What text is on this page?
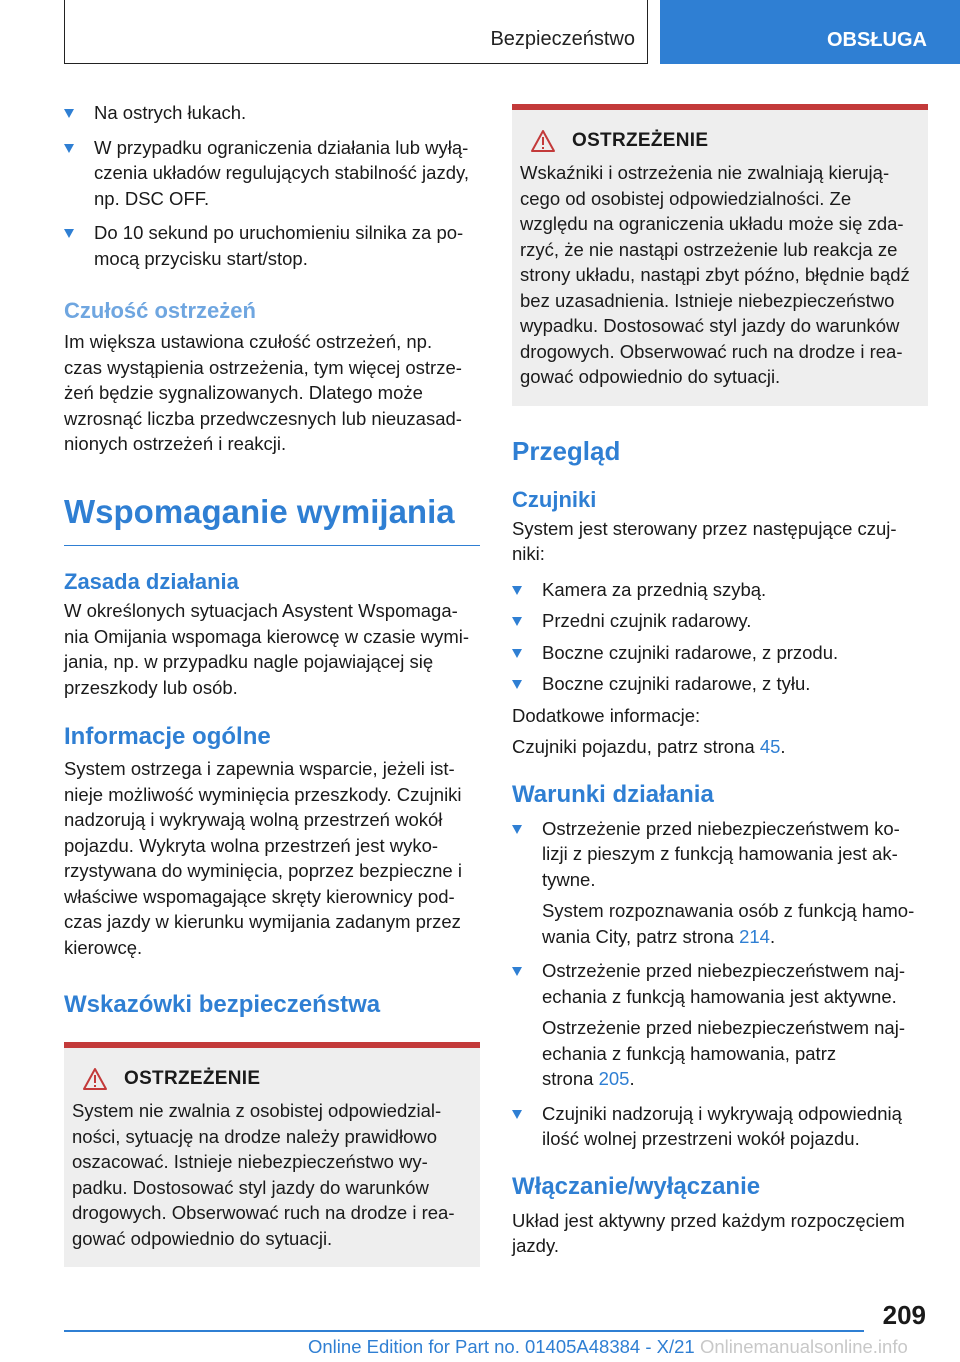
Bezpieczeństwo	OBSŁUGA
Na ostrych łukach.
W przypadku ograniczenia działania lub wyłą-
czenia układów regulujących stabilność jazdy,
np. DSC OFF.
Do 10 sekund po uruchomieniu silnika za po-
mocą przycisku start/stop.
Czułość ostrzeżeń

Im większa ustawiona czułość ostrzeżeń, np.
czas wystąpienia ostrzeżenia, tym więcej ostrze-
żeń będzie sygnalizowanych. Dlatego może
wzrosnąć liczba przedwczesnych lub nieuzasad-
nionych ostrzeżeń i reakcji.

Wspomaganie wymijania
Zasada działania

W określonych sytuacjach Asystent Wspomaga-
nia Omijania wspomaga kierowcę w czasie wymi-
jania, np. w przypadku nagle pojawiającej się
przeszkody lub osób.

Informacje ogólne

System ostrzega i zapewnia wsparcie, jeżeli ist-
nieje możliwość wyminięcia przeszkody. Czujniki
nadzorują i wykrywają wolną przestrzeń wokół
pojazdu. Wykryta wolna przestrzeń jest wyko-
rzystywana do wyminięcia, poprzez bezpieczne i
właściwe wspomagające skręty kierownicy pod-
czas jazdy w kierunku wymijania zadanym przez
kierowcę.

Wskazówki bezpieczeństwa
OSTRZEŻENIE

System nie zwalnia z osobistej odpowiedzial-
ności, sytuację na drodze należy prawidłowo
oszacować. Istnieje niebezpieczeństwo wy-
padku. Dostosować styl jazdy do warunków
drogowych. Obserwować ruch na drodze i rea-
gować odpowiednio do sytuacji.

OSTRZEŻENIE

Wskaźniki i ostrzeżenia nie zwalniają kierują-
cego od osobistej odpowiedzialności. Ze
względu na ograniczenia układu może się zda-
rzyć, że nie nastąpi ostrzeżenie lub reakcja ze
strony układu, nastąpi zbyt późno, błędnie bądź
bez uzasadnienia. Istnieje niebezpieczeństwo
wypadku. Dostosować styl jazdy do warunków
drogowych. Obserwować ruch na drodze i rea-
gować odpowiednio do sytuacji.

Przegląd
Czujniki

System jest sterowany przez następujące czuj-
niki:

Kamera za przednią szybą.
Przedni czujnik radarowy.
Boczne czujniki radarowe, z przodu.
Boczne czujniki radarowe, z tyłu.

Dodatkowe informacje:

Czujniki pojazdu, patrz strona 45.

Warunki działania
Ostrzeżenie przed niebezpieczeństwem ko-
lizji z pieszym z funkcją hamowania jest ak-
tywne.
System rozpoznawania osób z funkcją hamo-
wania City, patrz strona 214.
Ostrzeżenie przed niebezpieczeństwem naj-
echania z funkcją hamowania jest aktywne.
Ostrzeżenie przed niebezpieczeństwem naj-
echania z funkcją hamowania, patrz
strona 205.
Czujniki nadzorują i wykrywają odpowiednią
ilość wolnej przestrzeni wokół pojazdu.
Włączanie/wyłączanie

Układ jest aktywny przed każdym rozpoczęciem
jazdy.

209
Online Edition for Part no. 01405A48384 - X/21 Onlinemanualsonline.info
